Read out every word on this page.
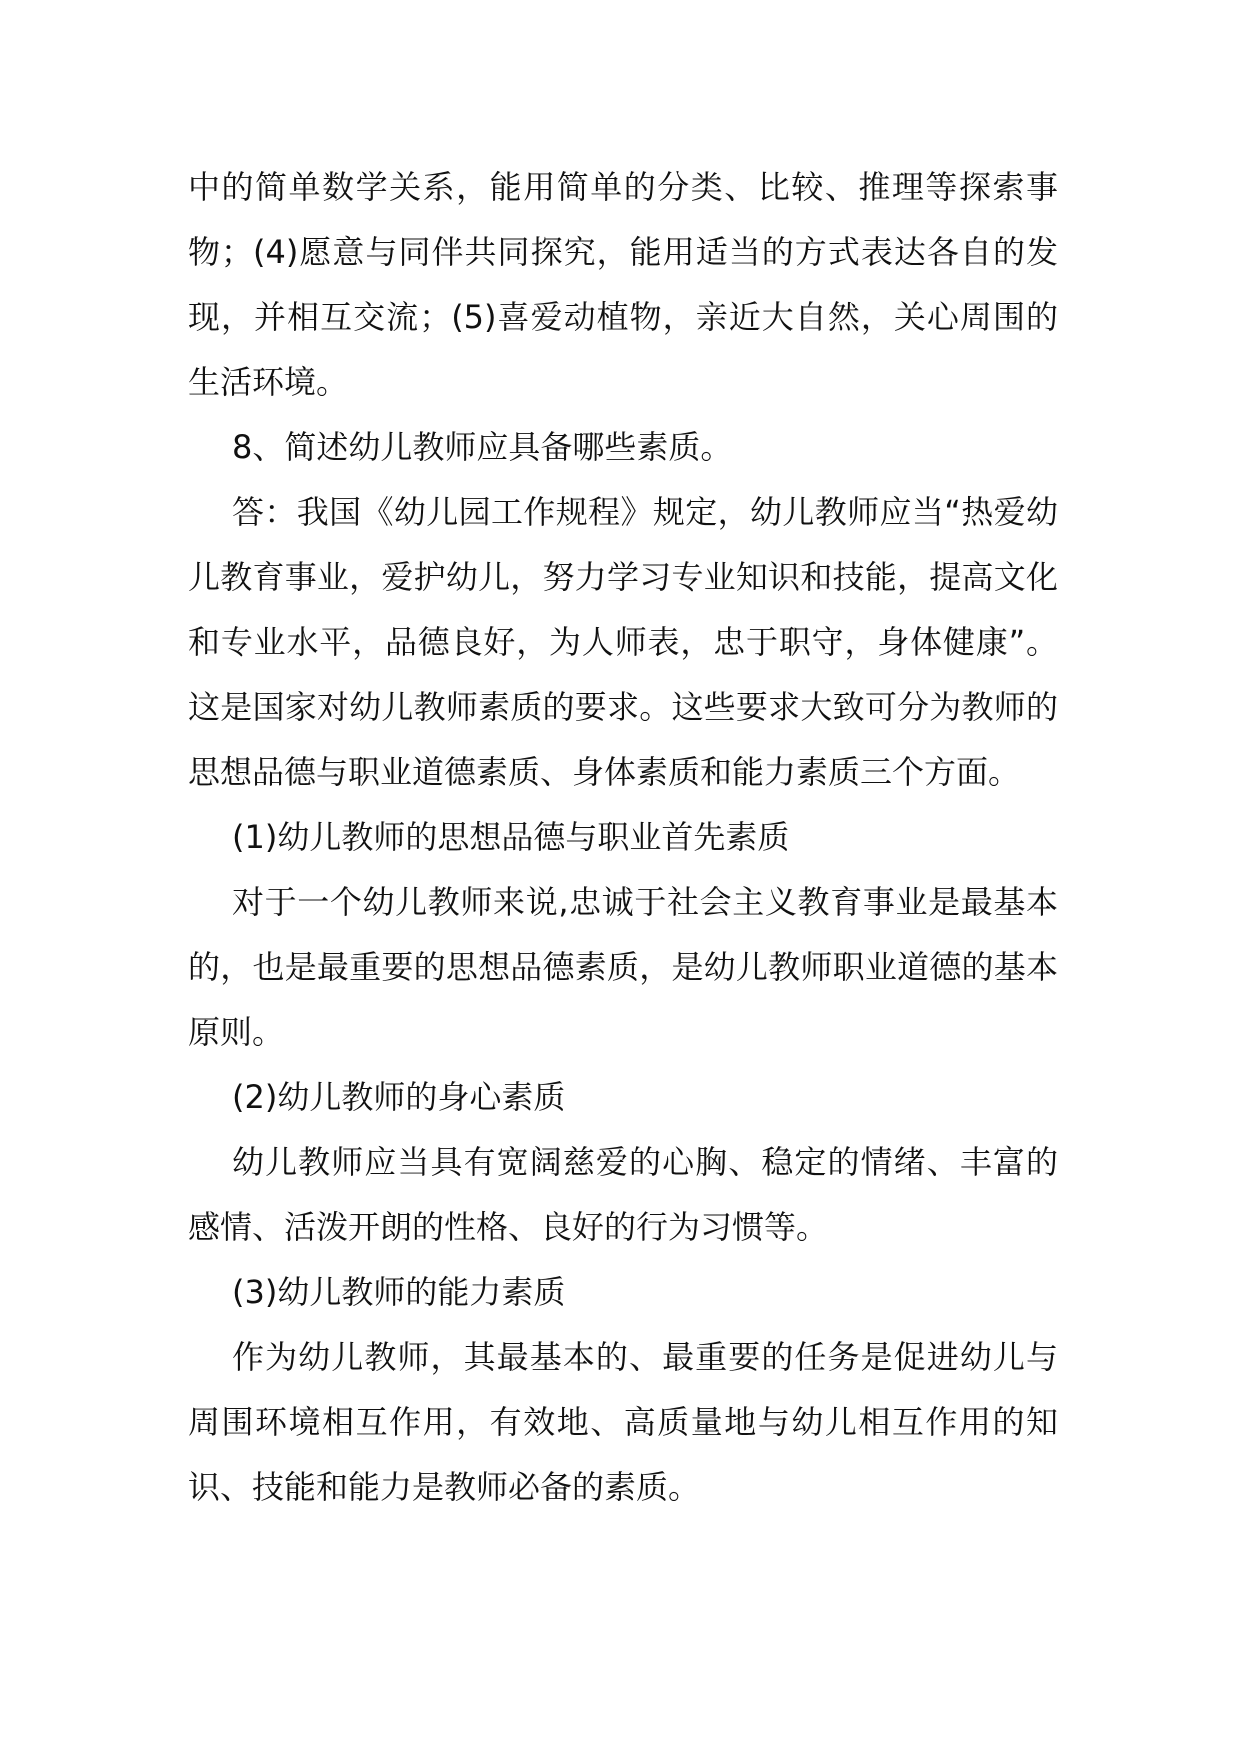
中的简单数学关系，能用简单的分类、比较、推理等探索事物；(4)愿意与同伴共同探究，能用适当的方式表达各自的发现，并相互交流；(5)喜爱动植物，亲近大自然，关心周围的生活环境。

8、简述幼儿教师应具备哪些素质。

答：我国《幼儿园工作规程》规定，幼儿教师应当“热爱幼儿教育事业，爱护幼儿，努力学习专业知识和技能，提高文化和专业水平，品德良好，为人师表，忠于职守，身体健康”。这是国家对幼儿教师素质的要求。这些要求大致可分为教师的思想品德与职业道德素质、身体素质和能力素质三个方面。

(1)幼儿教师的思想品德与职业首先素质

对于一个幼儿教师来说,忠诚于社会主义教育事业是最基本的，也是最重要的思想品德素质，是幼儿教师职业道德的基本原则。

(2)幼儿教师的身心素质

幼儿教师应当具有宽阔慈爱的心胸、稳定的情绪、丰富的感情、活泼开朗的性格、良好的行为习惯等。

(3)幼儿教师的能力素质

作为幼儿教师，其最基本的、最重要的任务是促进幼儿与周围环境相互作用，有效地、高质量地与幼儿相互作用的知识、技能和能力是教师必备的素质。
